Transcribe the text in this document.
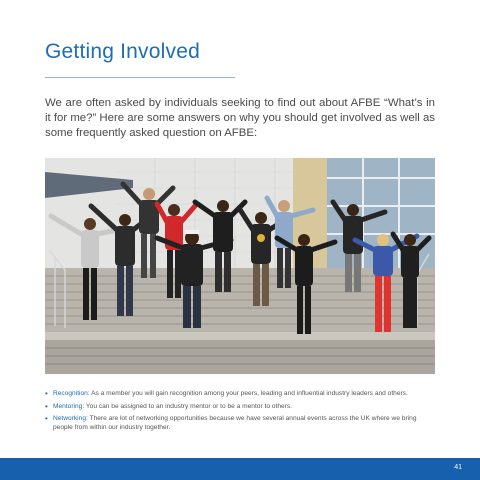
Getting Involved

We are often asked by individuals seeking to find out about AFBE “What’s in it for me?” Here are some answers on why you should get involved as well as some frequently asked question on AFBE:

• Recognition: As a member you will gain recognition among your peers, leading and influential industry leaders and others.
• Mentoring: You can be assigned to an industry mentor or to be a mentor to others.
• Networking: There are lot of networking opportunities because we have several annual events across the UK where we bring people from within our industry together.
41
